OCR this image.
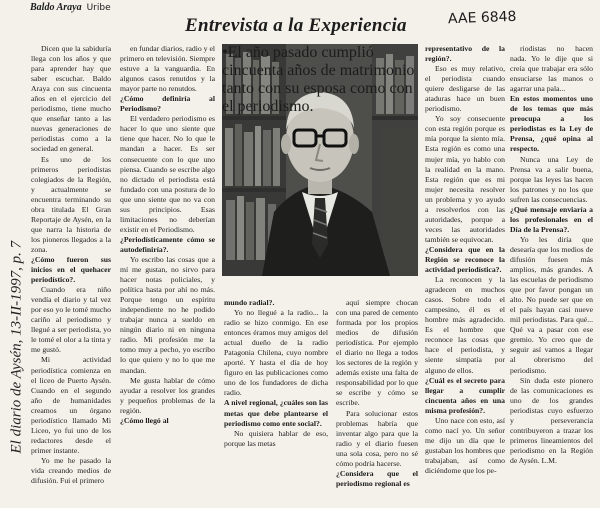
Baldo Araya Uribe
Entrevista a la Experiencia	AAE 6848
El diario de Aysén, 13-II-1997, p. 7
•El año pasado cumplió cincuenta años de matrimonio tanto con su esposa como con el periodismo.

Dicen que la sabiduría llega con los años y que para aprender hay que saber escuchar. Baldo Araya con sus cincuenta años en el ejercicio del periodismo, tiene mucho que enseñar tanto a las nuevas generaciones de periodistas como a la sociedad en general.

Es uno de los primeros periodistas colegiados de la Región, y actualmente se encuentra terminando su obra titulada El Gran Reportaje de Aysén, en la que narra la historia de los pioneros llegados a la zona.

¿Cómo fueron sus inicios en el quehacer periodístico?.

Cuando era niño vendía el diario y tal vez por eso yo le tomé mucho cariño al periodismo y llegué a ser periodista, yo le tomé el olor a la tinta y me gustó.

Mi actividad periodística comienza en el liceo de Puerto Aysén. Cuando en el segundo año de humanidades creamos un órgano periodístico llamado Mi Liceo, yo fui uno de los redactores desde el primer instante.

Yo me he pasado la vida creando medios de difusión. Fui el primero

en fundar diarios, radio y el primero en televisión. Siempre estuve a la vanguardia. En algunos casos renutdos y la mayor parte no renutdos.

¿Cómo definiría al Periodismo?

El verdadero periodismo es hacer lo que uno siente que tiene que hacer. No lo que le mandan a hacer. Es ser consecuente con lo que uno piensa. Cuando se escribe algo no dictado el periodista está fundado con una postura de lo que uno siente que no va con sus principios. Esas limitaciones no deberían existir en el Periodismo.

¿Periodísticamente cómo se autodefiniría?.

Yo escribo las cosas que a mí me gustan, no sirvo para hacer notas policiales, y política hasta por ahí no más. Porque tengo un espíritu independiente no he podido trabajar nunca a sueldo en ningún diario ni en ninguna radio. Mi profesión me la tomo muy a pecho, yo escribo lo que quiero y no lo que me mandan.

Me gusta hablar de cómo ayudar a resolver los grandes y pequeños problemas de la región.

¿Cómo llegó al

mundo radial?.

Yo no llegué a la radio... la radio se hizo conmigo. En ese entonces éramos muy amigos del actual dueño de la radio Patagonia Chilena, cuyo nombre aporté. Y hasta el día de hoy figuro en las publicaciones como uno de los fundadores de dicha radio.

A nivel regional, ¿cuáles son las metas que debe plantearse el periodismo como ente social?.

No quisiera hablar de eso, porque las metas

aquí siempre chocan con una pared de cemento formada por los propios medios de difusión periodística. Por ejemplo el diario no llega a todos los sectores de la región y además existe una falta de responsabilidad por lo que se escribe y cómo se escribe.

Para solucionar estos problemas habría que inventar algo para que la radio y el diario fuesen una sola cosa, pero no sé cómo podría hacerse.

¿Considera que el periodismo regional es

representativo de la región?.

Eso es muy relativo, el periodista cuando quiere desligarse de las ataduras hace un buen periodismo.

Yo soy consecuente con esta región porque es mía porque la siento mía. Esta región es como una mujer mía, yo hablo con la realidad en la mano. Esta región que es mi mujer necesita resolver un problema y yo ayudo a resolverlos con las autoridades, porque a veces las autoridades también se equivocan.

¿Considera que en la Región se reconoce la actividad periodística?.

La reconocen y la agradecen en muchos casos. Sobre todo el campesino, él es el hombre más agradecido. Es el hombre que reconoce las cosas que hace el periodista, y siente simpatía por alguno de ellos.

¿Cuál es el secreto para llegar a cumplir cincuenta años en una misma profesión?.

Uno nace con esto, así como nací yo. Un señor me dijo un día que le gustaban los hombres que trabajaban, así como diciéndome que los pe-

riodistas no hacen nada. Yo le dije que si creía que trabajar era sólo ensuciarse las manos o agarrar una pala...

En estos momentos uno de los temas que más preocupa a los periodistas es la Ley de Prensa, ¿qué opina al respecto.

Nunca una Ley de Prensa va a salir buena, porque las leyes las hacen los patrones y no los que sufren las consecuencias.

¿Qué mensaje enviaría a los profesionales en el Día de la Prensa?.

Yo les diría que desearía que los medios de difusión fuesen más amplios, más grandes. A las escuelas de periodismo que por favor pongan un alto. No puede ser que en el país hayan casi nueve mil periodistas. Para qué... Qué va a pasar con ese gremio. Yo creo que de seguir así vamos a llegar al obrerismo del periodismo.

Sin duda este pionero de las comunicaciones es uno de los grandes periodistas cuyo esfuerzo y perseverancia contribuyeron a trazar los primeros lineamientos del periodismo en la Región de Aysén. L.M.
